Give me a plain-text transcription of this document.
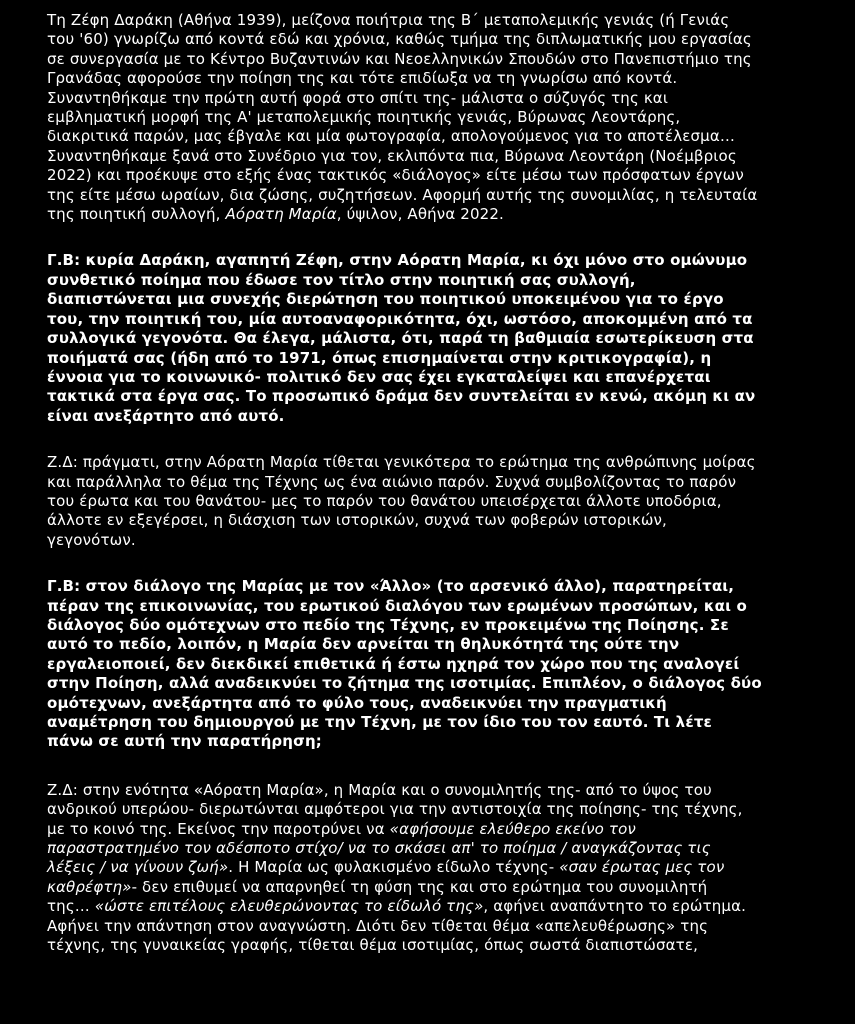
Τη Ζέφη Δαράκη (Αθήνα 1939), μείζονα ποιήτρια της Β΄ μεταπολεμικής γενιάς (ή Γενιάς
του '60) γνωρίζω από κοντά εδώ και χρόνια, καθώς τμήμα της διπλωματικής μου εργασίας
σε συνεργασία με το Κέντρο Βυζαντινών και Νεοελληνικών Σπουδών στο Πανεπιστήμιο της
Γρανάδας αφορούσε την ποίηση της και τότε επιδίωξα να τη γνωρίσω από κοντά.
Συναντηθήκαμε την πρώτη αυτή φορά στο σπίτι της- μάλιστα ο σύζυγός της και
εμβληματική μορφή της Α' μεταπολεμικής ποιητικής γενιάς, Βύρωνας Λεοντάρης,
διακριτικά παρών, μας έβγαλε και μία φωτογραφία, απολογούμενος για το αποτέλεσμα…
Συναντηθήκαμε ξανά στο Συνέδριο για τον, εκλιπόντα πια, Βύρωνα Λεοντάρη (Νοέμβριος
2022) και προέκυψε στο εξής ένας τακτικός «διάλογος» είτε μέσω των πρόσφατων έργων
της είτε μέσω ωραίων, δια ζώσης, συζητήσεων. Αφορμή αυτής της συνομιλίας, η τελευταία
της ποιητική συλλογή, Αόρατη Μαρία, ύψιλον, Αθήνα 2022.

Γ.Β: κυρία Δαράκη, αγαπητή Ζέφη, στην Αόρατη Μαρία, κι όχι μόνο στο ομώνυμο
συνθετικό ποίημα που έδωσε τον τίτλο στην ποιητική σας συλλογή,
διαπιστώνεται μια συνεχής διερώτηση του ποιητικού υποκειμένου για το έργο
του, την ποιητική του, μία αυτοαναφορικότητα, όχι, ωστόσο, αποκομμένη από τα
συλλογικά γεγονότα. Θα έλεγα, μάλιστα, ότι, παρά τη βαθμιαία εσωτερίκευση στα
ποιήματά σας (ήδη από το 1971, όπως επισημαίνεται στην κριτικογραφία), η
έννοια για το κοινωνικό- πολιτικό δεν σας έχει εγκαταλείψει και επανέρχεται
τακτικά στα έργα σας. Το προσωπικό δράμα δεν συντελείται εν κενώ, ακόμη κι αν
είναι ανεξάρτητο από αυτό.

Ζ.Δ: πράγματι, στην Αόρατη Μαρία τίθεται γενικότερα το ερώτημα της ανθρώπινης μοίρας
και παράλληλα το θέμα της Τέχνης ως ένα αιώνιο παρόν. Συχνά συμβολίζοντας το παρόν
του έρωτα και του θανάτου- μες το παρόν του θανάτου υπεισέρχεται άλλοτε υποδόρια,
άλλοτε εν εξεγέρσει, η διάσχιση των ιστορικών, συχνά των φοβερών ιστορικών,
γεγονότων.

Γ.Β: στον διάλογο της Μαρίας με τον «Άλλο» (το αρσενικό άλλο), παρατηρείται,
πέραν της επικοινωνίας, του ερωτικού διαλόγου των ερωμένων προσώπων, και ο
διάλογος δύο ομότεχνων στο πεδίο της Τέχνης, εν προκειμένω της Ποίησης. Σε
αυτό το πεδίο, λοιπόν, η Μαρία δεν αρνείται τη θηλυκότητά της ούτε την
εργαλειοποιεί, δεν διεκδικεί επιθετικά ή έστω ηχηρά τον χώρο που της αναλογεί
στην Ποίηση, αλλά αναδεικνύει το ζήτημα της ισοτιμίας. Επιπλέον, ο διάλογος δύο
ομότεχνων, ανεξάρτητα από το φύλο τους, αναδεικνύει την πραγματική
αναμέτρηση του δημιουργού με την Τέχνη, με τον ίδιο του τον εαυτό. Τι λέτε
πάνω σε αυτή την παρατήρηση;

Ζ.Δ: στην ενότητα «Αόρατη Μαρία», η Μαρία και ο συνομιλητής της- από το ύψος του
ανδρικού υπερώου- διερωτώνται αμφότεροι για την αντιστοιχία της ποίησης- της τέχνης,
με το κοινό της. Εκείνος την παροτρύνει να «αφήσουμε ελεύθερο εκείνο τον
παραστρατημένο τον αδέσποτο στίχο/ να το σκάσει απ' το ποίημα / αναγκάζοντας τις
λέξεις / να γίνουν ζωή». Η Μαρία ως φυλακισμένο είδωλο τέχνης- «σαν έρωτας μες τον
καθρέφτη»- δεν επιθυμεί να απαρνηθεί τη φύση της και στο ερώτημα του συνομιλητή
της… «ώστε επιτέλους ελευθερώνοντας το είδωλό της», αφήνει αναπάντητο το ερώτημα.
Αφήνει την απάντηση στον αναγνώστη. Διότι δεν τίθεται θέμα «απελευθέρωσης» της
τέχνης, της γυναικείας γραφής, τίθεται θέμα ισοτιμίας, όπως σωστά διαπιστώσατε,
